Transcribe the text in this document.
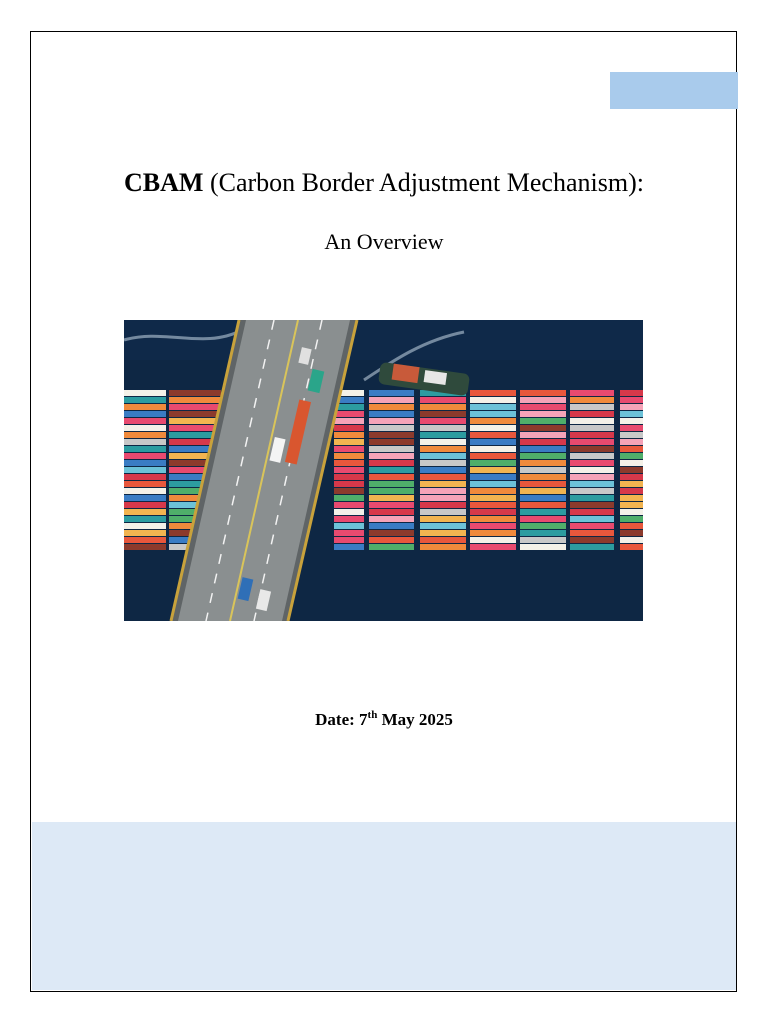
CBAM (Carbon Border Adjustment Mechanism):
An Overview
Date: 7th May 2025
